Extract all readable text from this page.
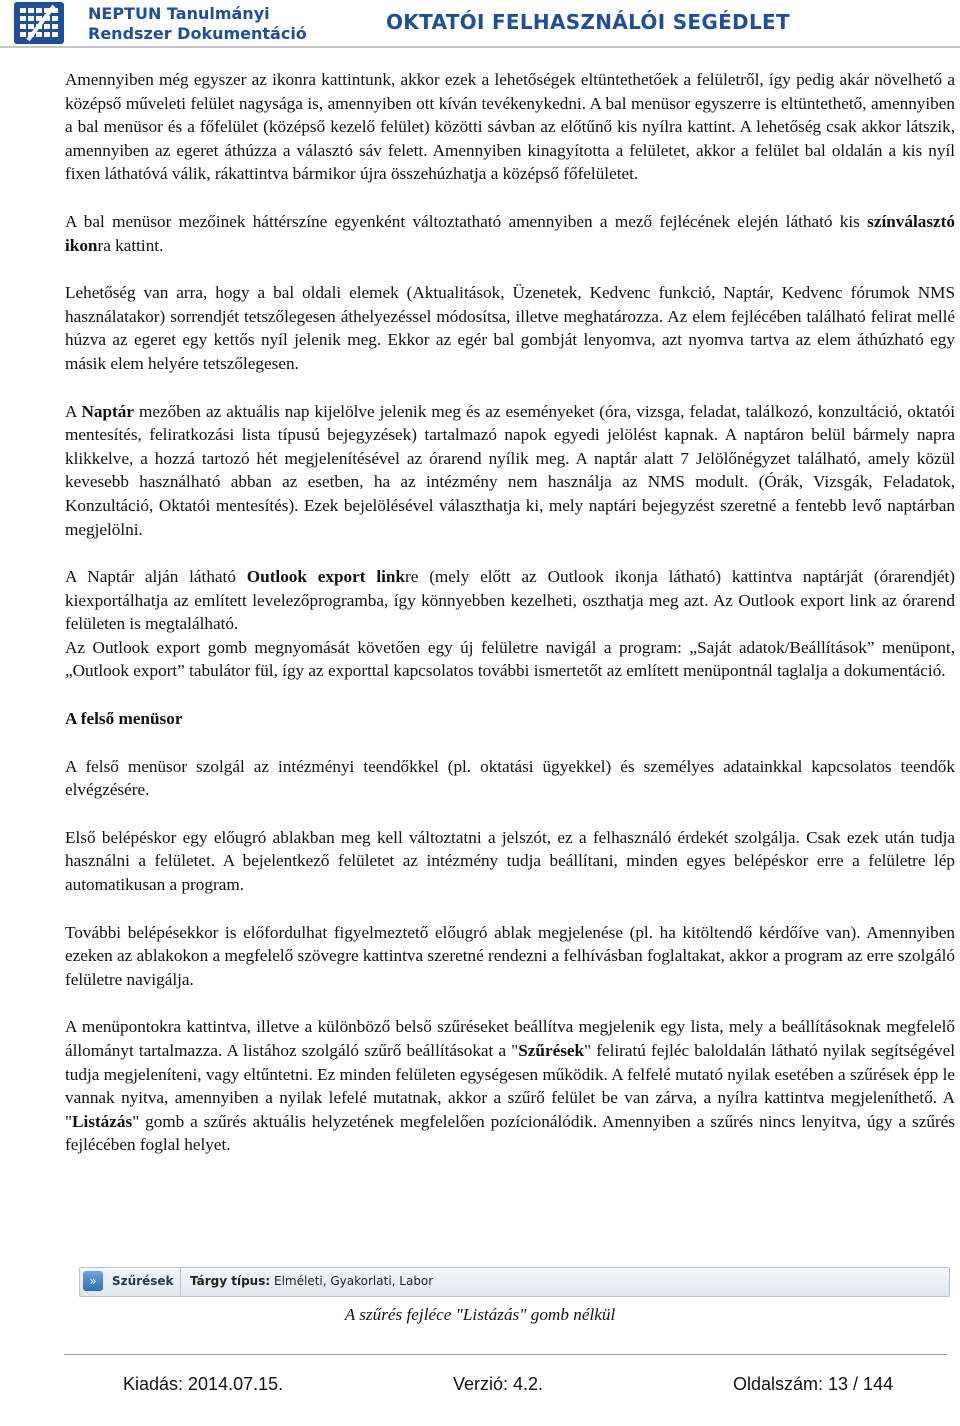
NEPTUN Tanulmányi
Rendszer Dokumentáció	OKTATÓI FELHASZNÁLÓI SEGÉDLET

Amennyiben még egyszer az ikonra kattintunk, akkor ezek a lehetőségek eltüntethetőek a felületről, így pedig akár növelhető a középső műveleti felület nagysága is, amennyiben ott kíván tevékenykedni. A bal menüsor egyszerre is eltüntethető, amennyiben a bal menüsor és a főfelület (középső kezelő felület) közötti sávban az előtűnő kis nyílra kattint. A lehetőség csak akkor látszik, amennyiben az egeret áthúzza a választó sáv felett. Amennyiben kinagyította a felületet, akkor a felület bal oldalán a kis nyíl fixen láthatóvá válik, rákattintva bármikor újra összehúzhatja a középső főfelületet.

A bal menüsor mezőinek háttérszíne egyenként változtatható amennyiben a mező fejlécének elején látható kis színválasztó ikonra kattint.

Lehetőség van arra, hogy a bal oldali elemek (Aktualitások, Üzenetek, Kedvenc funkció, Naptár, Kedvenc fórumok NMS használatakor) sorrendjét tetszőlegesen áthelyezéssel módosítsa, illetve meghatározza. Az elem fejlécében található felirat mellé húzva az egeret egy kettős nyíl jelenik meg. Ekkor az egér bal gombját lenyomva, azt nyomva tartva az elem áthúzható egy másik elem helyére tetszőlegesen.

A Naptár mezőben az aktuális nap kijelölve jelenik meg és az eseményeket (óra, vizsga, feladat, találkozó, konzultáció, oktatói mentesítés, feliratkozási lista típusú bejegyzések) tartalmazó napok egyedi jelölést kapnak. A naptáron belül bármely napra klikkelve, a hozzá tartozó hét megjelenítésével az órarend nyílik meg. A naptár alatt 7 Jelölőnégyzet található, amely közül kevesebb használható abban az esetben, ha az intézmény nem használja az NMS modult. (Órák, Vizsgák, Feladatok, Konzultáció, Oktatói mentesítés). Ezek bejelölésével választhatja ki, mely naptári bejegyzést szeretné a fentebb levő naptárban megjelölni.

A Naptár alján látható Outlook export linkre (mely előtt az Outlook ikonja látható) kattintva naptárját (órarendjét) kiexportálhatja az említett levelezőprogramba, így könnyebben kezelheti, oszthatja meg azt. Az Outlook export link az órarend felületen is megtalálható.

Az Outlook export gomb megnyomását követően egy új felületre navigál a program: „Saját adatok/Beállítások” menüpont, „Outlook export” tabulátor fül, így az exporttal kapcsolatos további ismertetőt az említett menüpontnál taglalja a dokumentáció.

A felső menüsor

A felső menüsor szolgál az intézményi teendőkkel (pl. oktatási ügyekkel) és személyes adatainkkal kapcsolatos teendők elvégzésére.

Első belépéskor egy előugró ablakban meg kell változtatni a jelszót, ez a felhasználó érdekét szolgálja. Csak ezek után tudja használni a felületet. A bejelentkező felületet az intézmény tudja beállítani, minden egyes belépéskor erre a felületre lép automatikusan a program.

További belépésekkor is előfordulhat figyelmeztető előugró ablak megjelenése (pl. ha kitöltendő kérdőíve van). Amennyiben ezeken az ablakokon a megfelelő szövegre kattintva szeretné rendezni a felhívásban foglaltakat, akkor a program az erre szolgáló felületre navigálja.

A menüpontokra kattintva, illetve a különböző belső szűréseket beállítva megjelenik egy lista, mely a beállításoknak megfelelő állományt tartalmazza. A listához szolgáló szűrő beállításokat a "Szűrések" feliratú fejléc baloldalán látható nyilak segítségével tudja megjeleníteni, vagy eltűntetni. Ez minden felületen egységesen működik. A felfelé mutató nyilak esetében a szűrések épp le vannak nyitva, amennyiben a nyilak lefelé mutatnak, akkor a szűrő felület be van zárva, a nyílra kattintva megjeleníthető. A "Listázás" gomb a szűrés aktuális helyzetének megfelelően pozícionálódik. Amennyiben a szűrés nincs lenyitva, úgy a szűrés fejlécében foglal helyet.

»	Szűrések Tárgy típus: Elméleti, Gyakorlati, Labor
A szűrés fejléce "Listázás" gomb nélkül
Kiadás: 2014.07.15.	Verzió: 4.2.	Oldalszám: 13 / 144
